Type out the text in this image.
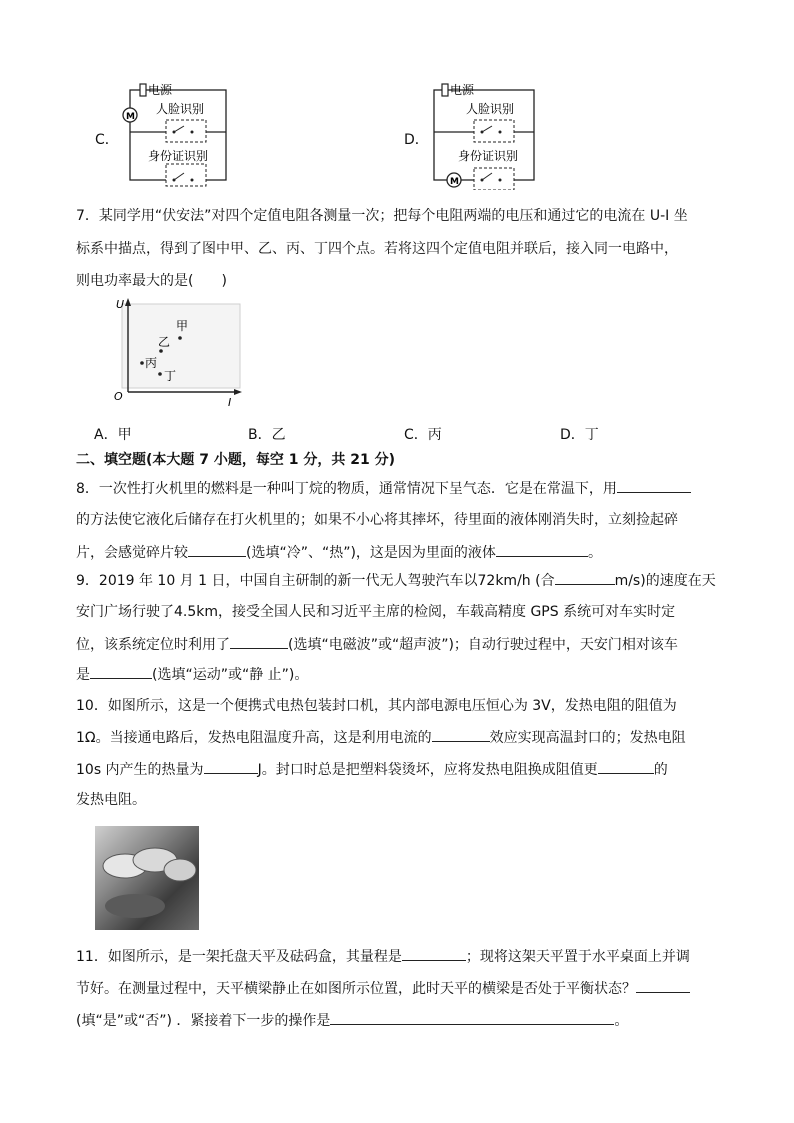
C．
电源
M
人脸识别
身份证识别
D．
电源
人脸识别
身份证识别
M
7．某同学用“伏安法”对四个定值电阻各测量一次；把每个电阻两端的电压和通过它的电流在 U-I 坐
标系中描点，得到了图中甲、乙、丙、丁四个点。若将这四个定值电阻并联后，接入同一电路中，
则电功率最大的是(　　)
U
I
O
甲
乙
丙
丁
A．甲	B．乙	C．丙	D．丁
二、填空题(本大题 7 小题，每空 1 分，共 21 分)
8．一次性打火机里的燃料是一种叫丁烷的物质，通常情况下呈气态．它是在常温下，用
的方法使它液化后储存在打火机里的；如果不小心将其摔坏，待里面的液体刚消失时，立刻捡起碎
片，会感觉碎片较	(选填“冷”、“热”)，这是因为里面的液体	。
9．2019 年 10 月 1 日，中国自主研制的新一代无人驾驶汽车以72km/h (合	m/s)的速度在天
安门广场行驶了4.5km，接受全国人民和习近平主席的检阅，车载高精度 GPS 系统可对车实时定
位，该系统定位时利用了	(选填“电磁波”或“超声波”)；自动行驶过程中，天安门相对该车
是	(选填“运动”或“静 止”)。
10．如图所示，这是一个便携式电热包装封口机，其内部电源电压恒心为 3V，发热电阻的阻值为
1Ω。当接通电路后，发热电阻温度升高，这是利用电流的	效应实现高温封口的；发热电阻
10s 内产生的热量为	J。封口时总是把塑料袋烫坏，应将发热电阻换成阻值更	的
发热电阻。
11．如图所示，是一架托盘天平及砝码盒，其量程是	；现将这架天平置于水平桌面上并调
节好。在测量过程中，天平横梁静止在如图所示位置，此时天平的横梁是否处于平衡状态？
(填“是”或“否”) ．紧接着下一步的操作是	。
